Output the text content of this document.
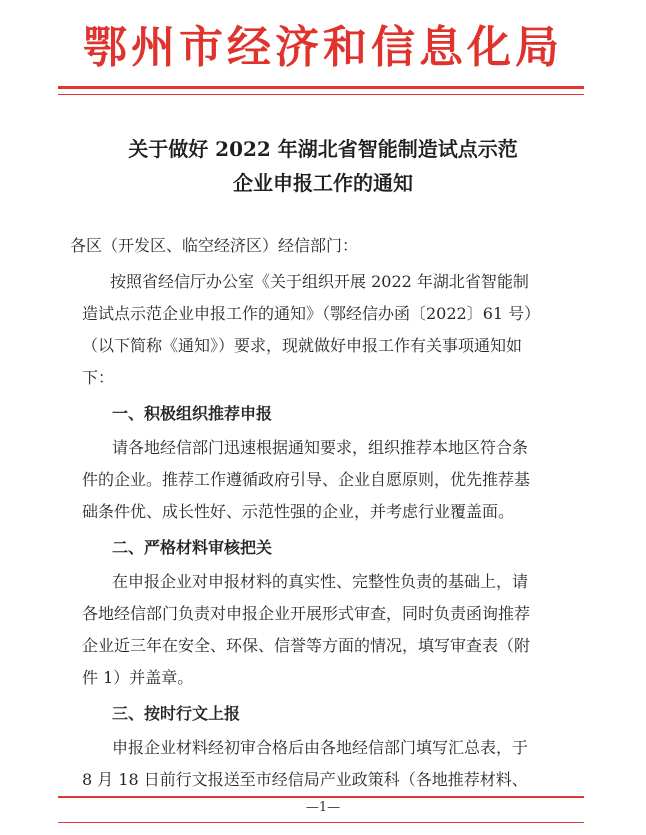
鄂州市经济和信息化局
关于做好 2022 年湖北省智能制造试点示范
企业申报工作的通知
各区（开发区、临空经济区）经信部门：
按照省经信厅办公室《关于组织开展 2022 年湖北省智能制
造试点示范企业申报工作的通知》（鄂经信办函〔2022〕61 号）
（以下简称《通知》）要求，现就做好申报工作有关事项通知如
下：
一、积极组织推荐申报
请各地经信部门迅速根据通知要求，组织推荐本地区符合条
件的企业。推荐工作遵循政府引导、企业自愿原则，优先推荐基
础条件优、成长性好、示范性强的企业，并考虑行业覆盖面。
二、严格材料审核把关
在申报企业对申报材料的真实性、完整性负责的基础上，请
各地经信部门负责对申报企业开展形式审查，同时负责函询推荐
企业近三年在安全、环保、信誉等方面的情况，填写审查表（附
件 1）并盖章。
三、按时行文上报
申报企业材料经初审合格后由各地经信部门填写汇总表，于
8 月 18 日前行文报送至市经信局产业政策科（各地推荐材料、
—1—
